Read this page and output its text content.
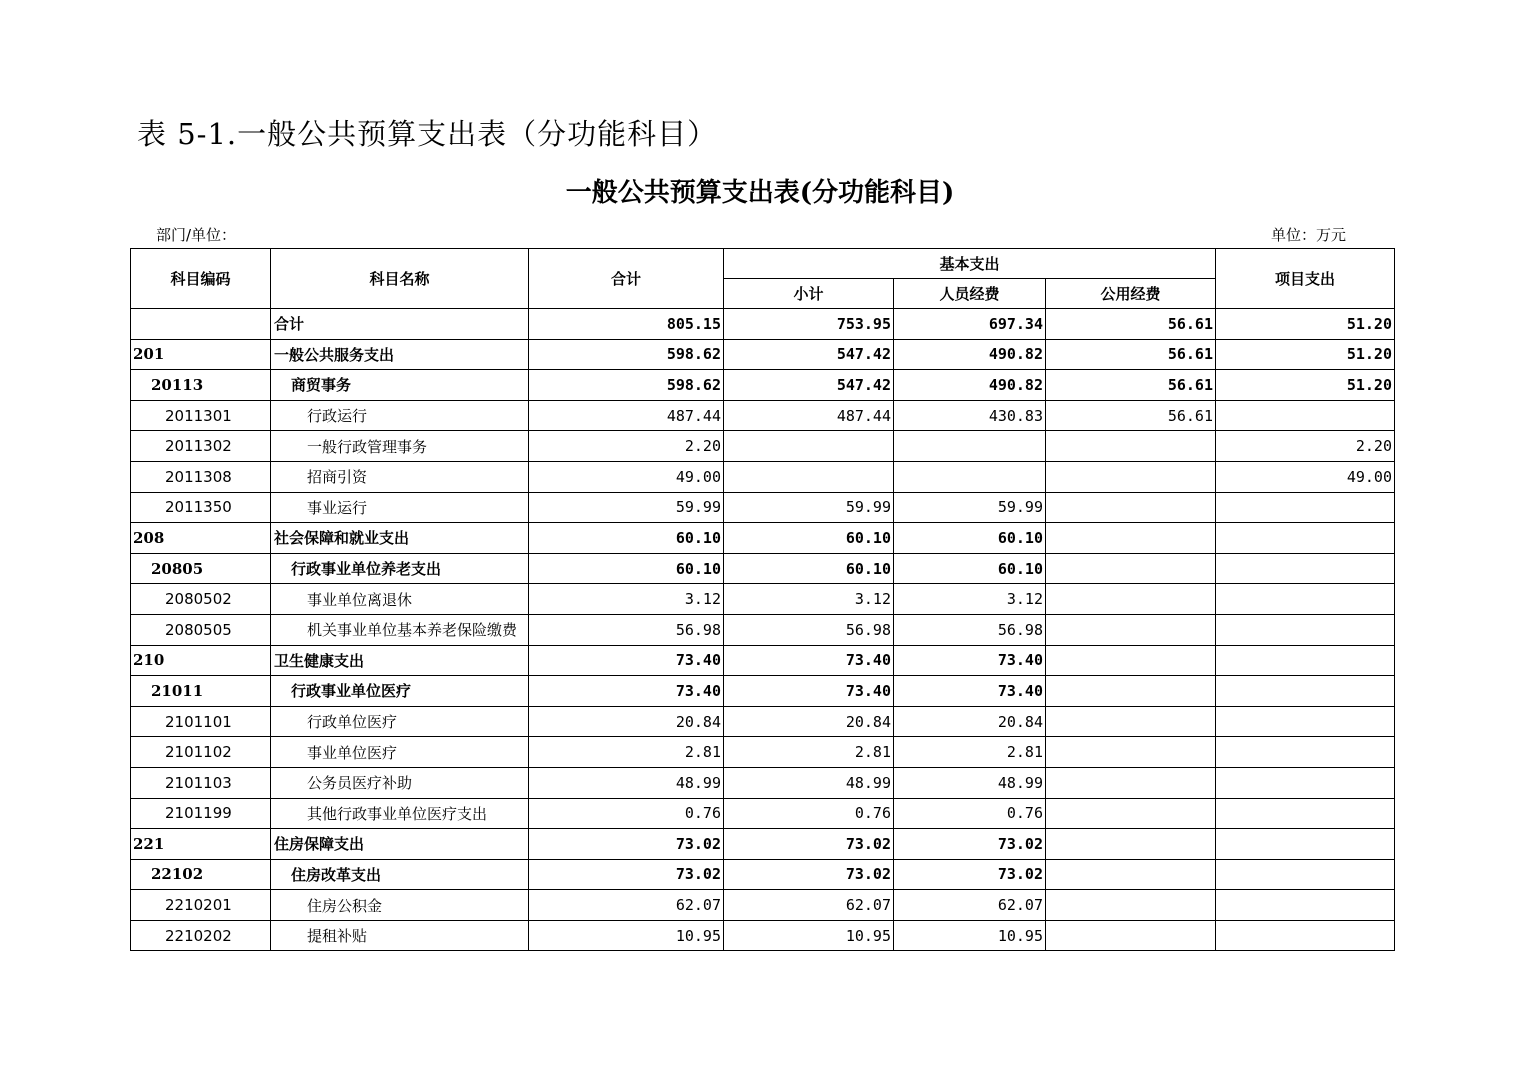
表 5-1.一般公共预算支出表（分功能科目）
一般公共预算支出表(分功能科目)
部门/单位：	单位：万元
科目编码	科目名称	合计	基本支出			项目支出
			小计	人员经费	公用经费	
	合计	805.15	753.95	697.34	56.61	51.20
201	一般公共服务支出	598.62	547.42	490.82	56.61	51.20
20113	商贸事务	598.62	547.42	490.82	56.61	51.20
2011301	行政运行	487.44	487.44	430.83	56.61	
2011302	一般行政管理事务	2.20				2.20
2011308	招商引资	49.00				49.00
2011350	事业运行	59.99	59.99	59.99		
208	社会保障和就业支出	60.10	60.10	60.10		
20805	行政事业单位养老支出	60.10	60.10	60.10		
2080502	事业单位离退休	3.12	3.12	3.12		
2080505	机关事业单位基本养老保险缴费	56.98	56.98	56.98		
210	卫生健康支出	73.40	73.40	73.40		
21011	行政事业单位医疗	73.40	73.40	73.40		
2101101	行政单位医疗	20.84	20.84	20.84		
2101102	事业单位医疗	2.81	2.81	2.81		
2101103	公务员医疗补助	48.99	48.99	48.99		
2101199	其他行政事业单位医疗支出	0.76	0.76	0.76		
221	住房保障支出	73.02	73.02	73.02		
22102	住房改革支出	73.02	73.02	73.02		
2210201	住房公积金	62.07	62.07	62.07		
2210202	提租补贴	10.95	10.95	10.95		
